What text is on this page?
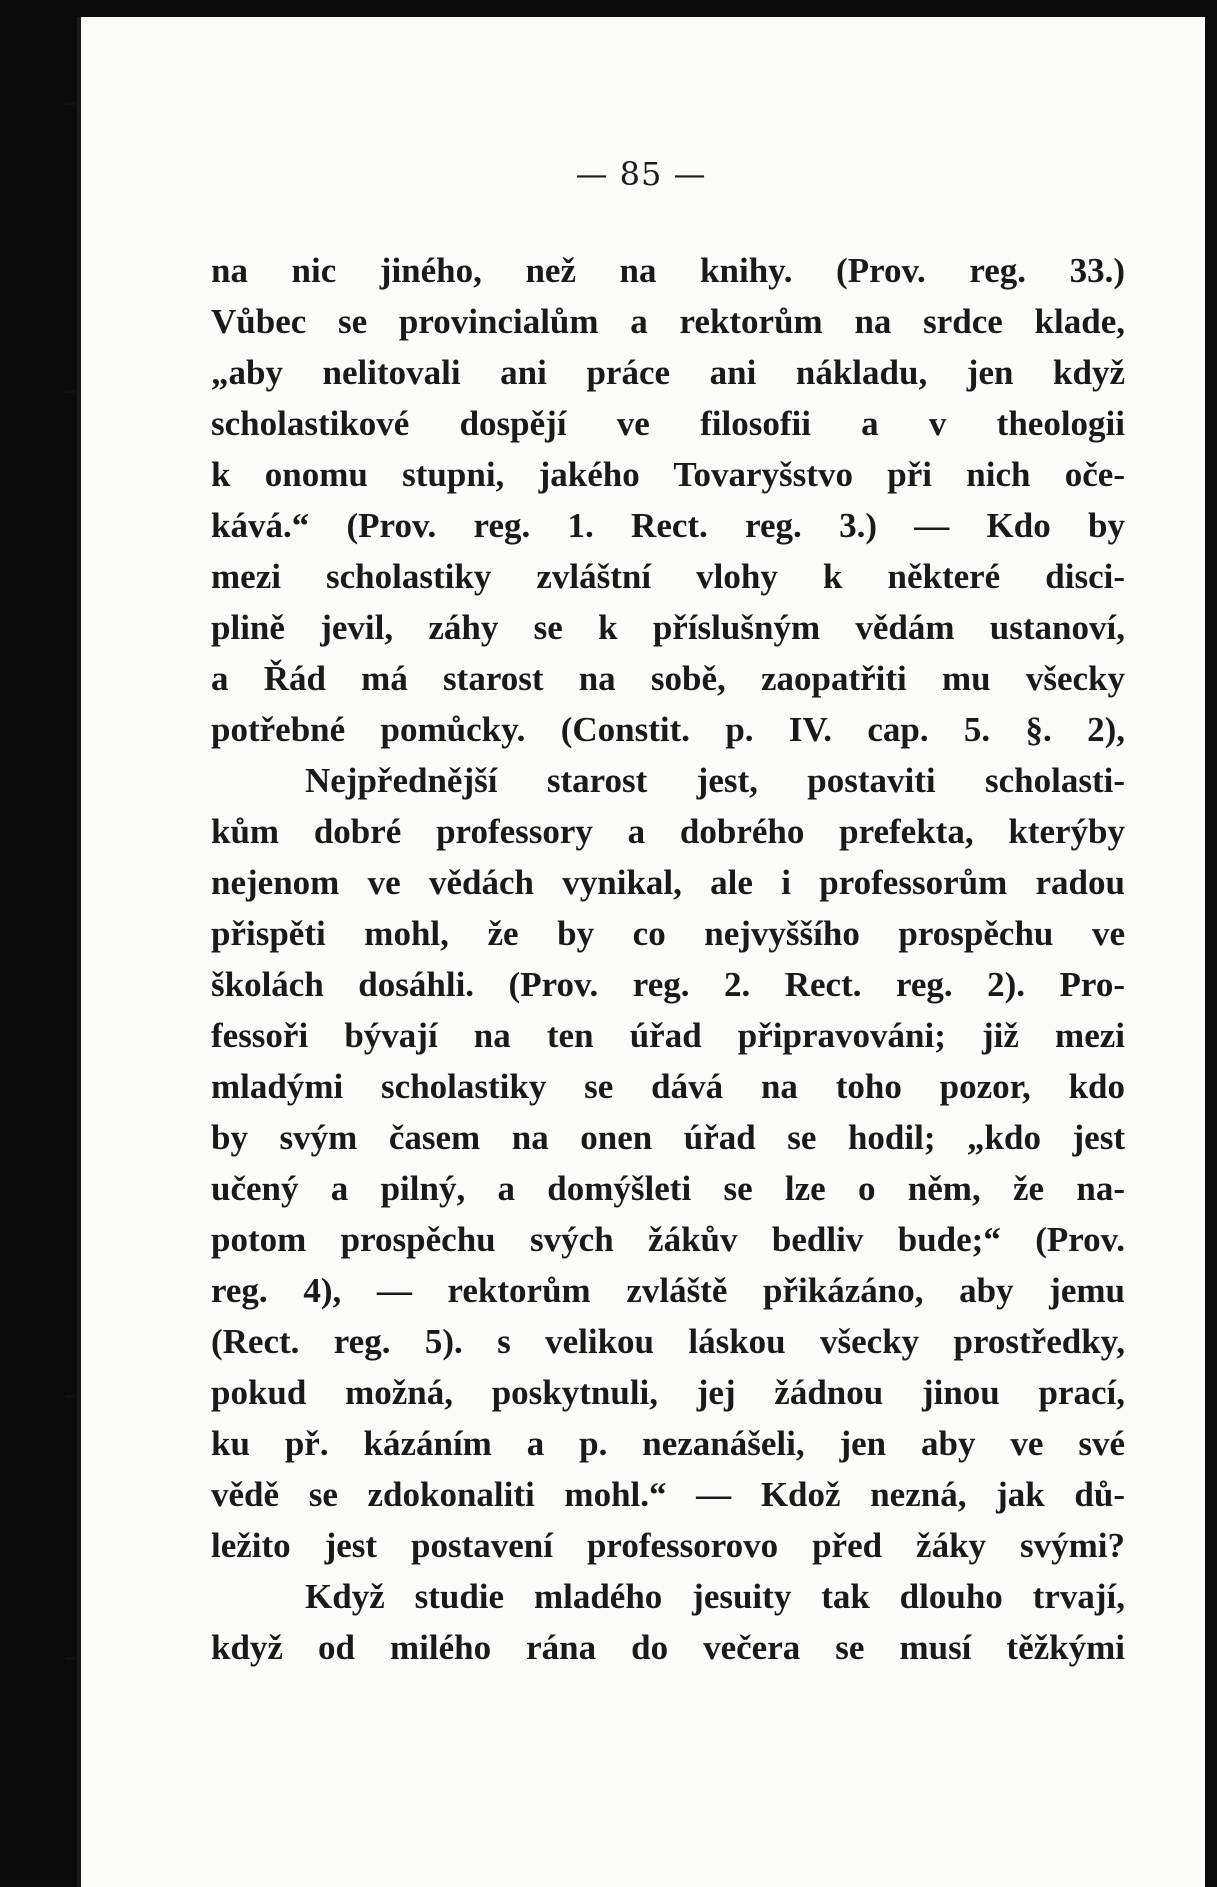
— 85 —
na nic jiného, než na knihy. (Prov. reg. 33.)
Vůbec se provincialům a rektorům na srdce klade,
„aby nelitovali ani práce ani nákladu, jen když
scholastikové dospějí ve filosofii a v theologii
k onomu stupni, jakého Tovaryšstvo při nich oče-
kává.“ (Prov. reg. 1. Rect. reg. 3.) — Kdo by
mezi scholastiky zvláštní vlohy k některé disci-
plině jevil, záhy se k příslušným vědám ustanoví,
a Řád má starost na sobě, zaopatřiti mu všecky
potřebné pomůcky. (Constit. p. IV. cap. 5. §. 2),
Nejpřednější starost jest, postaviti scholasti-
kům dobré professory a dobrého prefekta, kterýby
nejenom ve vědách vynikal, ale i professorům radou
přispěti mohl, že by co nejvyššího prospěchu ve
školách dosáhli. (Prov. reg. 2. Rect. reg. 2). Pro-
fessoři bývají na ten úřad připravováni; již mezi
mladými scholastiky se dává na toho pozor, kdo
by svým časem na onen úřad se hodil; „kdo jest
učený a pilný, a domýšleti se lze o něm, že na-
potom prospěchu svých žákův bedliv bude;“ (Prov.
reg. 4), — rektorům zvláště přikázáno, aby jemu
(Rect. reg. 5). s velikou láskou všecky prostředky,
pokud možná, poskytnuli, jej žádnou jinou prací,
ku př. kázáním a p. nezanášeli, jen aby ve své
vědě se zdokonaliti mohl.“ — Kdož nezná, jak dů-
ležito jest postavení professorovo před žáky svými?
Když studie mladého jesuity tak dlouho trvají,
když od milého rána do večera se musí těžkými
